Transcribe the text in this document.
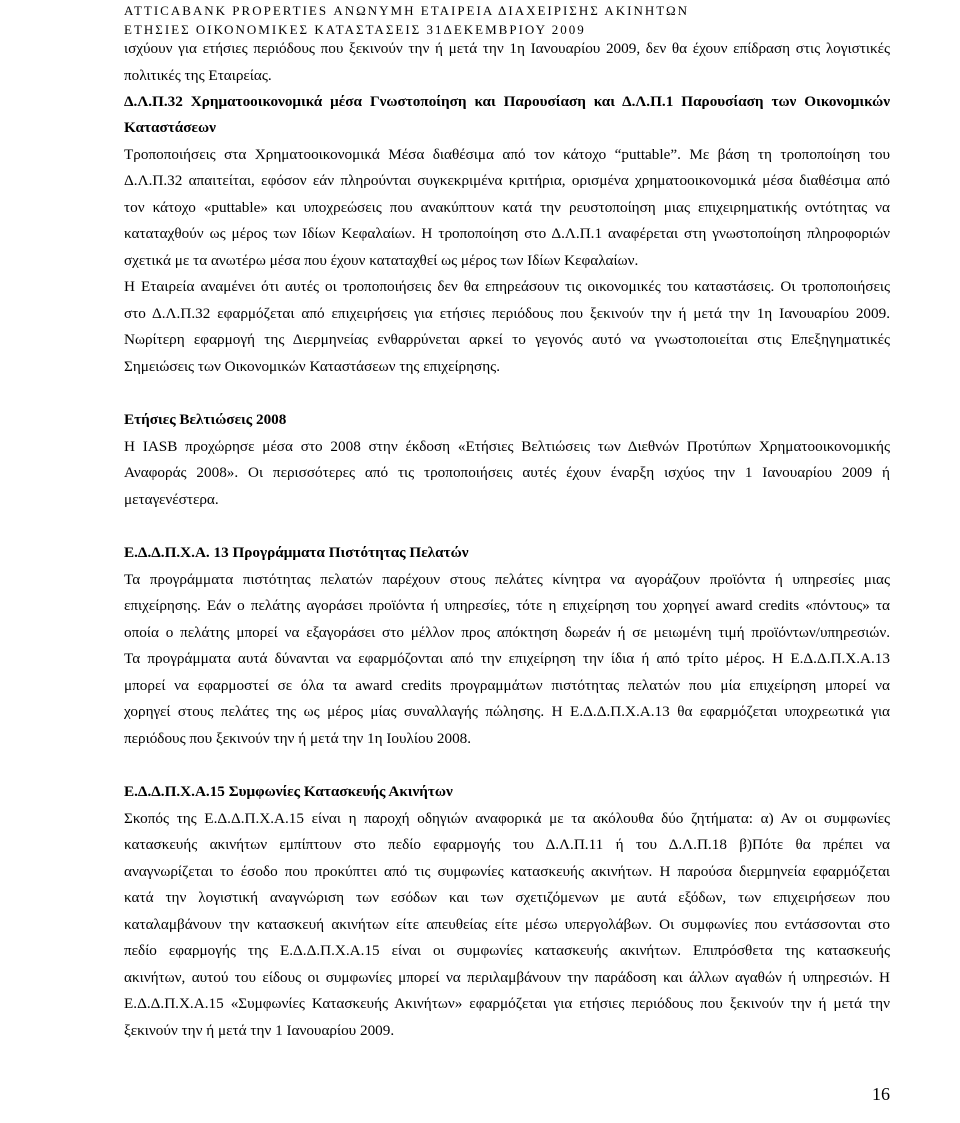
ATTICABANK PROPERTIES ΑΝΩΝΥΜΗ ΕΤΑΙΡΕΙΑ ΔΙΑΧΕΙΡΙΣΗΣ ΑΚΙΝΗΤΩΝ
ΕΤΗΣΙΕΣ ΟΙΚΟΝΟΜΙΚΕΣ ΚΑΤΑΣΤΑΣΕΙΣ 31ΔΕΚΕΜΒΡΙΟΥ 2009
ισχύουν για ετήσιες περιόδους που ξεκινούν την ή μετά την 1η Ιανουαρίου 2009, δεν θα έχουν επίδραση στις λογιστικές
πολιτικές της Εταιρείας.
Δ.Λ.Π.32 Χρηματοοικονομικά μέσα Γνωστοποίηση και Παρουσίαση και Δ.Λ.Π.1 Παρουσίαση των Οικονομικών
Καταστάσεων
Τροποποιήσεις στα Χρηματοοικονομικά Μέσα διαθέσιμα από τον κάτοχο “puttable”. Με βάση τη τροποποίηση του
Δ.Λ.Π.32 απαιτείται, εφόσον εάν πληρούνται συγκεκριμένα κριτήρια, ορισμένα χρηματοοικονομικά μέσα διαθέσιμα από
τον κάτοχο «puttable» και υποχρεώσεις που ανακύπτουν κατά την ρευστοποίηση μιας επιχειρηματικής οντότητας να
καταταχθούν ως μέρος των Ιδίων Κεφαλαίων. Η τροποποίηση στο Δ.Λ.Π.1 αναφέρεται στη γνωστοποίηση πληροφοριών
σχετικά με τα ανωτέρω μέσα που έχουν καταταχθεί ως μέρος των Ιδίων Κεφαλαίων.
Η Εταιρεία αναμένει ότι αυτές οι τροποποιήσεις δεν θα επηρεάσουν τις οικονομικές του καταστάσεις. Οι τροποποιήσεις
στο Δ.Λ.Π.32 εφαρμόζεται από επιχειρήσεις για ετήσιες περιόδους που ξεκινούν την ή μετά την 1η Ιανουαρίου 2009.
Νωρίτερη εφαρμογή της Διερμηνείας ενθαρρύνεται αρκεί το γεγονός αυτό να γνωστοποιείται στις Επεξηγηματικές
Σημειώσεις των Οικονομικών Καταστάσεων της επιχείρησης.
Ετήσιες Βελτιώσεις 2008
Η IASB προχώρησε μέσα στο 2008 στην έκδοση «Ετήσιες Βελτιώσεις των Διεθνών Προτύπων Χρηματοοικονομικής
Αναφοράς 2008». Οι περισσότερες από τις τροποποιήσεις αυτές έχουν έναρξη ισχύος την 1 Ιανουαρίου 2009 ή
μεταγενέστερα.
Ε.Δ.Δ.Π.Χ.Α. 13 Προγράμματα Πιστότητας Πελατών
Τα προγράμματα πιστότητας πελατών παρέχουν στους πελάτες κίνητρα να αγοράζουν προϊόντα ή υπηρεσίες μιας
επιχείρησης. Εάν ο πελάτης αγοράσει προϊόντα ή υπηρεσίες, τότε η επιχείρηση του χορηγεί award credits «πόντους» τα
οποία ο πελάτης μπορεί να εξαγοράσει στο μέλλον προς απόκτηση δωρεάν ή σε μειωμένη τιμή προϊόντων/υπηρεσιών.
Τα προγράμματα αυτά δύνανται να εφαρμόζονται από την επιχείρηση την ίδια ή από τρίτο μέρος. Η Ε.Δ.Δ.Π.Χ.Α.13
μπορεί να εφαρμοστεί σε όλα τα award credits προγραμμάτων πιστότητας πελατών που μία επιχείρηση μπορεί να
χορηγεί στους πελάτες της ως μέρος μίας συναλλαγής πώλησης. Η Ε.Δ.Δ.Π.Χ.Α.13 θα εφαρμόζεται υποχρεωτικά για
περιόδους που ξεκινούν την ή μετά την 1η Ιουλίου 2008.
Ε.Δ.Δ.Π.Χ.Α.15 Συμφωνίες Κατασκευής Ακινήτων
Σκοπός της Ε.Δ.Δ.Π.Χ.Α.15 είναι η παροχή οδηγιών αναφορικά με τα ακόλουθα δύο ζητήματα: α) Αν οι συμφωνίες
κατασκευής ακινήτων εμπίπτουν στο πεδίο εφαρμογής του Δ.Λ.Π.11 ή του Δ.Λ.Π.18 β)Πότε θα πρέπει να
αναγνωρίζεται το έσοδο που προκύπτει από τις συμφωνίες κατασκευής ακινήτων. Η παρούσα διερμηνεία εφαρμόζεται
κατά την λογιστική αναγνώριση των εσόδων και των σχετιζόμενων με αυτά εξόδων, των επιχειρήσεων που
καταλαμβάνουν την κατασκευή ακινήτων είτε απευθείας είτε μέσω υπεργολάβων. Οι συμφωνίες που εντάσσονται στο
πεδίο εφαρμογής της Ε.Δ.Δ.Π.Χ.Α.15 είναι οι συμφωνίες κατασκευής ακινήτων. Επιπρόσθετα της κατασκευής
ακινήτων, αυτού του είδους οι συμφωνίες μπορεί να περιλαμβάνουν την παράδοση και άλλων αγαθών ή υπηρεσιών. Η
Ε.Δ.Δ.Π.Χ.Α.15 «Συμφωνίες Κατασκευής Ακινήτων» εφαρμόζεται για ετήσιες περιόδους που ξεκινούν την ή μετά την
ξεκινούν την ή μετά την 1 Ιανουαρίου 2009.
16
